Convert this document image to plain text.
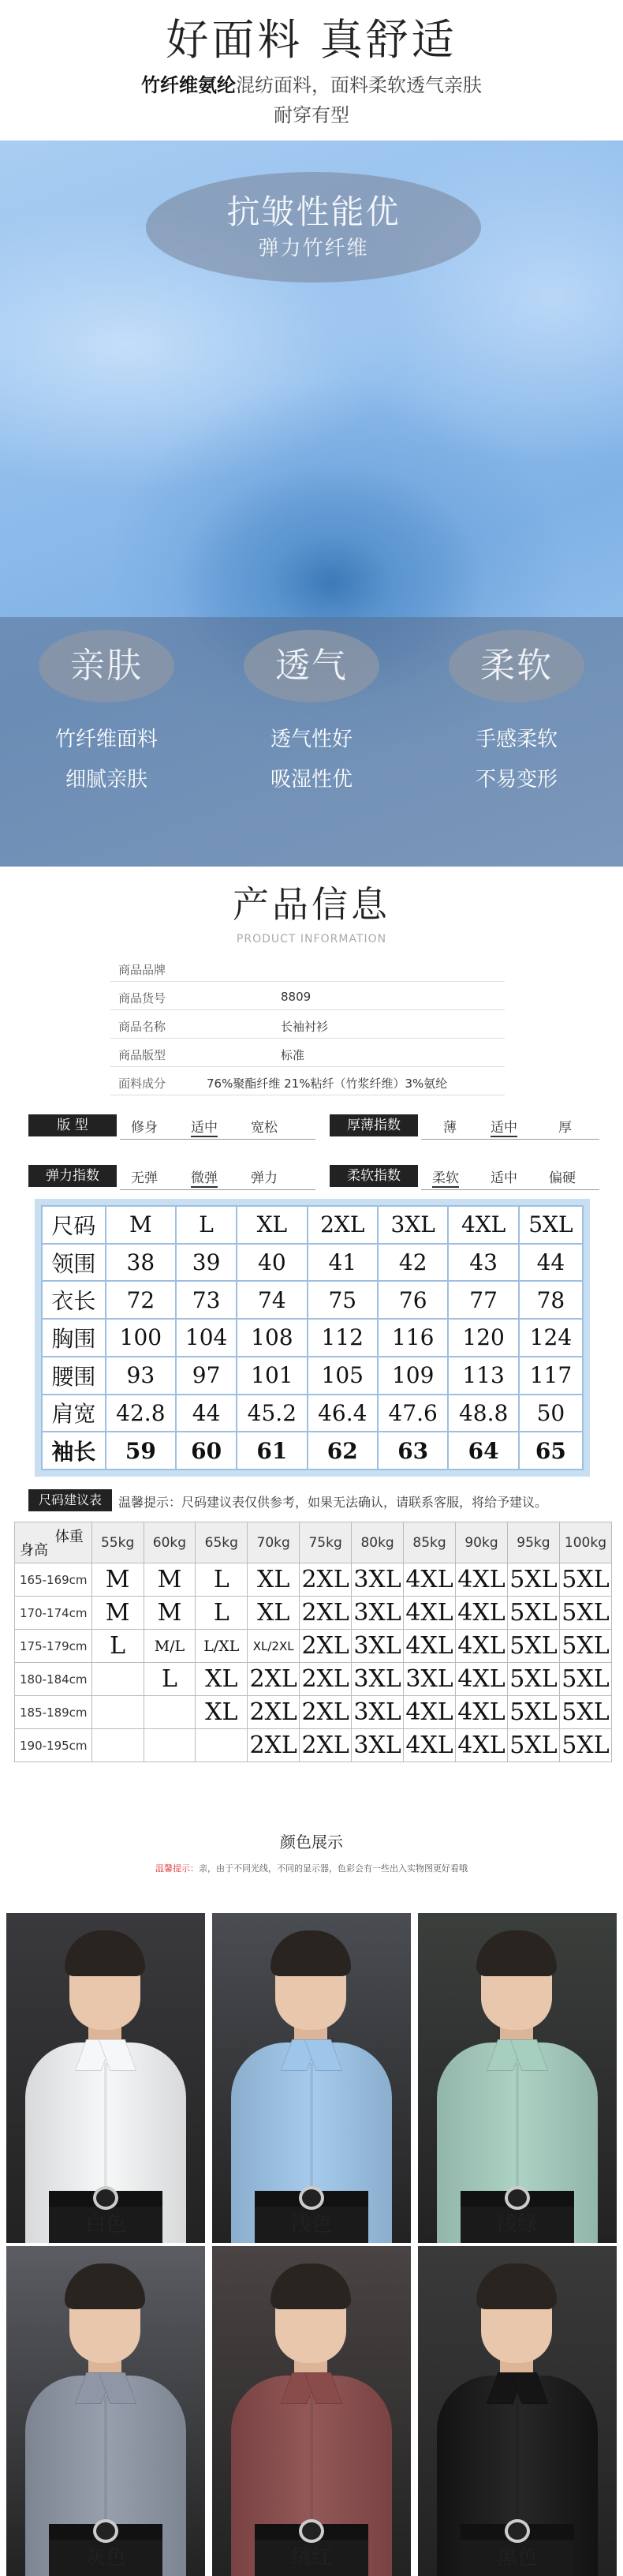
好面料 真舒适
竹纤维氨纶混纺面料，面料柔软透气亲肤
耐穿有型
抗皱性能优
弹力竹纤维
亲肤
竹纤维面料
细腻亲肤
透气
透气性好
吸湿性优
柔软
手感柔软
不易变形
产品信息
PRODUCT INFORMATION
商品品牌
商品货号	8809
商品名称	长袖衬衫
商品版型	标准
面料成分	76%聚酯纤维 21%粘纤（竹浆纤维）3%氨纶
版 型	修身 适中 宽松	厚薄指数	薄	适中	厚
弹力指数	无弹 微弹 弹力	柔软指数	柔软 适中 偏硬
尺码	M	L	XL	2XL	3XL	4XL	5XL
领围	38	39	40	41	42	43	44
衣长	72	73	74	75	76	77	78
胸围	100	104	108	112	116	120	124
腰围	93	97	101	105	109	113	117
肩宽	42.8	44	45.2	46.4	47.6	48.8	50
袖长	59	60	61	62	63	64	65
尺码建议表	温馨提示：尺码建议表仅供参考，如果无法确认，请联系客服，将给予建议。
体重
身高	55kg	60kg	65kg	70kg	75kg	80kg	85kg	90kg	95kg	100kg
165-169cm	M	M	L	XL	2XL	3XL	4XL	4XL	5XL	5XL
170-174cm	M	M	L	XL	2XL	3XL	4XL	4XL	5XL	5XL
175-179cm	L	M/L	L/XL	XL/2XL	2XL	3XL	4XL	4XL	5XL	5XL
180-184cm		L	XL	2XL	2XL	3XL	3XL	4XL	5XL	5XL
185-189cm			XL	2XL	2XL	3XL	4XL	4XL	5XL	5XL
190-195cm				2XL	2XL	3XL	4XL	4XL	5XL	5XL
颜色展示
温馨提示：亲，由于不同光线，不同的显示器，色彩会有一些出入实物图更好看哦
白色	浅色	浅绿
灰色	绣红	黑色
